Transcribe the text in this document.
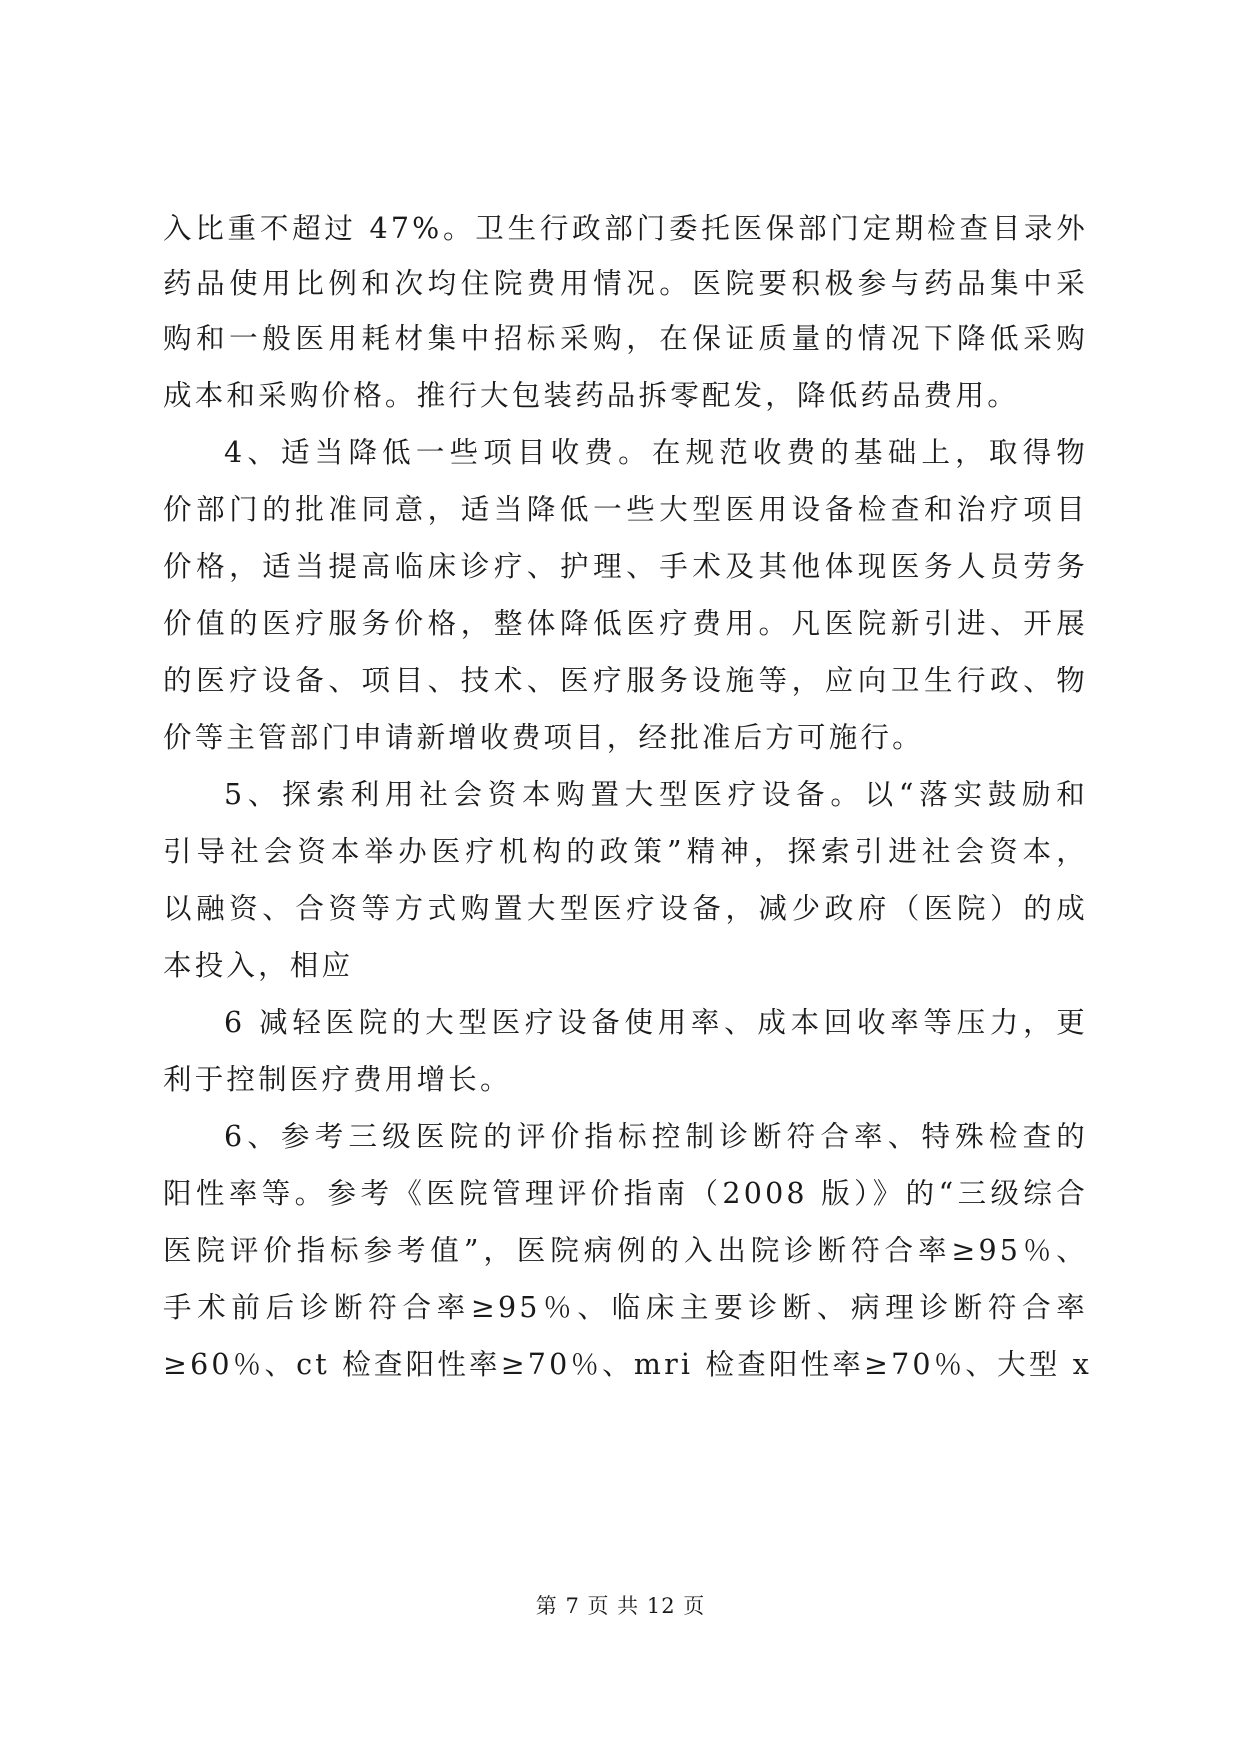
入比重不超过 47%。卫生行政部门委托医保部门定期检查目录外
药品使用比例和次均住院费用情况。医院要积极参与药品集中采
购和一般医用耗材集中招标采购，在保证质量的情况下降低采购
成本和采购价格。推行大包装药品拆零配发，降低药品费用。
4、适当降低一些项目收费。在规范收费的基础上，取得物
价部门的批准同意，适当降低一些大型医用设备检查和治疗项目
价格，适当提高临床诊疗、护理、手术及其他体现医务人员劳务
价值的医疗服务价格，整体降低医疗费用。凡医院新引进、开展
的医疗设备、项目、技术、医疗服务设施等，应向卫生行政、物
价等主管部门申请新增收费项目，经批准后方可施行。
5、探索利用社会资本购置大型医疗设备。以“落实鼓励和
引导社会资本举办医疗机构的政策”精神，探索引进社会资本，
以融资、合资等方式购置大型医疗设备，减少政府（医院）的成
本投入，相应
6 减轻医院的大型医疗设备使用率、成本回收率等压力，更
利于控制医疗费用增长。
6、参考三级医院的评价指标控制诊断符合率、特殊检查的
阳性率等。参考《医院管理评价指南（2008 版）》的“三级综合
医院评价指标参考值”，医院病例的入出院诊断符合率≥95％、
手术前后诊断符合率≥95％、临床主要诊断、病理诊断符合率
≥60％、ct 检查阳性率≥70％、mri 检查阳性率≥70％、大型 x
第 7 页 共 12 页
